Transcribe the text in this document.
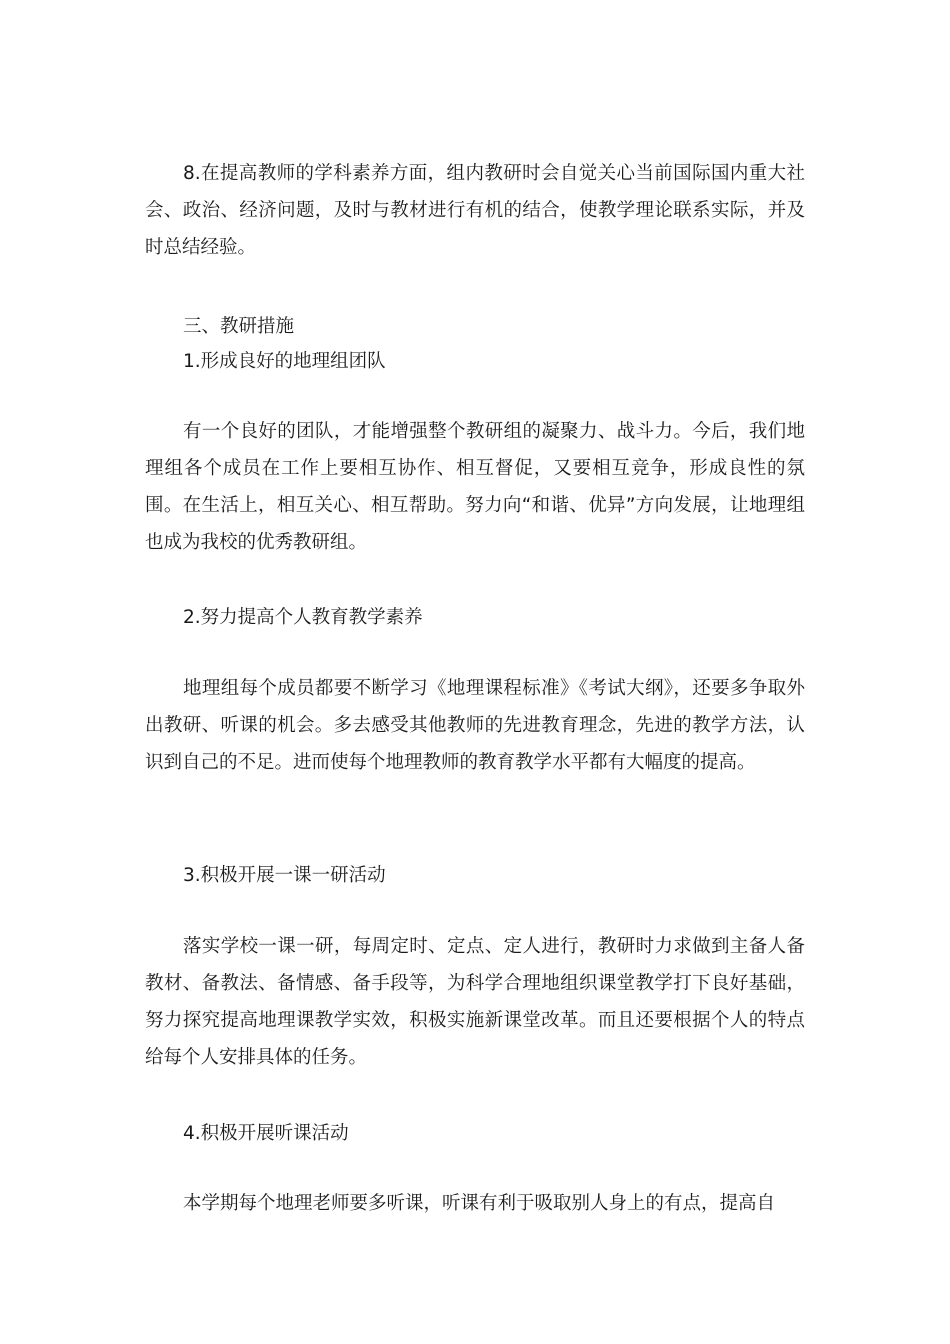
8.在提高教师的学科素养方面，组内教研时会自觉关心当前国际国内重大社会、政治、经济问题，及时与教材进行有机的结合，使教学理论联系实际，并及时总结经验。

三、教研措施

1.形成良好的地理组团队

有一个良好的团队，才能增强整个教研组的凝聚力、战斗力。今后，我们地理组各个成员在工作上要相互协作、相互督促，又要相互竞争，形成良性的氛围。在生活上，相互关心、相互帮助。努力向“和谐、优异”方向发展，让地理组也成为我校的优秀教研组。

2.努力提高个人教育教学素养

地理组每个成员都要不断学习《地理课程标准》《考试大纲》，还要多争取外出教研、听课的机会。多去感受其他教师的先进教育理念，先进的教学方法，认识到自己的不足。进而使每个地理教师的教育教学水平都有大幅度的提高。

3.积极开展一课一研活动

落实学校一课一研，每周定时、定点、定人进行，教研时力求做到主备人备教材、备教法、备情感、备手段等，为科学合理地组织课堂教学打下良好基础，努力探究提高地理课教学实效，积极实施新课堂改革。而且还要根据个人的特点给每个人安排具体的任务。

4.积极开展听课活动

本学期每个地理老师要多听课，听课有利于吸取别人身上的有点，提高自
